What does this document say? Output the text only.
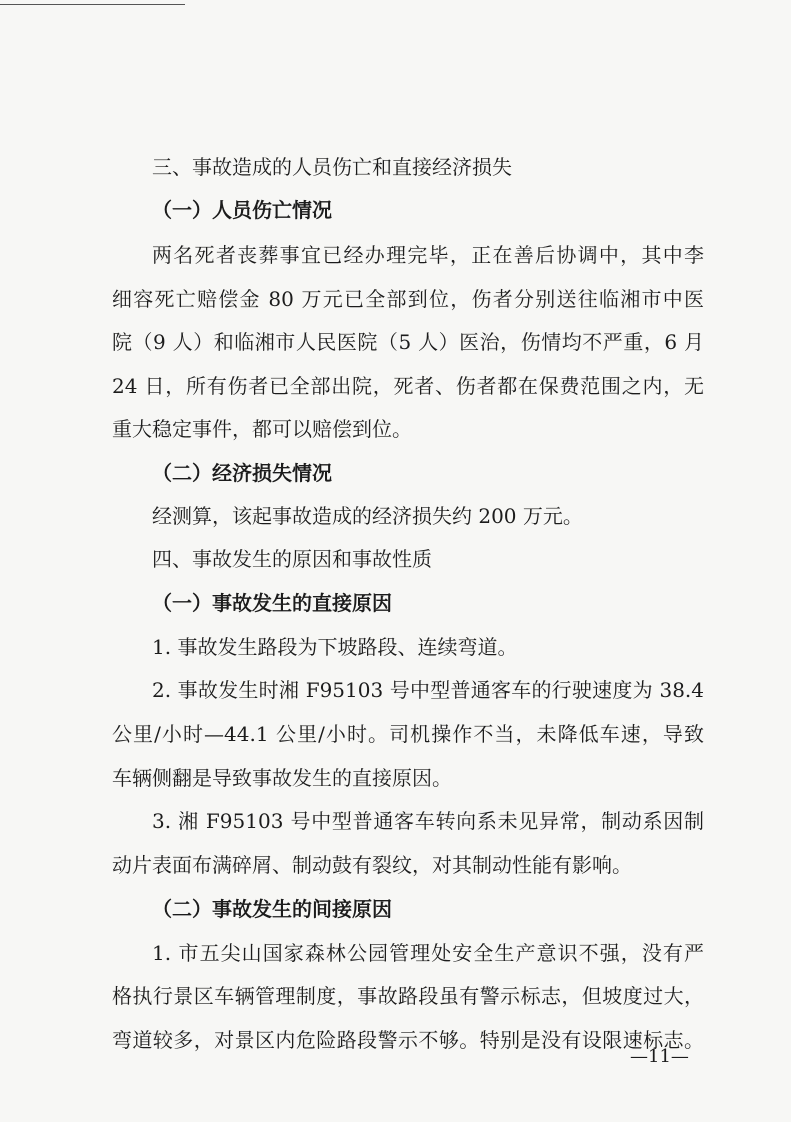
三、事故造成的人员伤亡和直接经济损失
（一）人员伤亡情况
两名死者丧葬事宜已经办理完毕，正在善后协调中，其中李
细容死亡赔偿金 80 万元已全部到位，伤者分别送往临湘市中医
院（9 人）和临湘市人民医院（5 人）医治，伤情均不严重，6 月
24 日，所有伤者已全部出院，死者、伤者都在保费范围之内，无
重大稳定事件，都可以赔偿到位。
（二）经济损失情况
经测算，该起事故造成的经济损失约 200 万元。
四、事故发生的原因和事故性质
（一）事故发生的直接原因
1. 事故发生路段为下坡路段、连续弯道。
2. 事故发生时湘 F95103 号中型普通客车的行驶速度为 38.4
公里/小时—44.1 公里/小时。司机操作不当，未降低车速，导致
车辆侧翻是导致事故发生的直接原因。
3. 湘 F95103 号中型普通客车转向系未见异常，制动系因制
动片表面布满碎屑、制动鼓有裂纹，对其制动性能有影响。
（二）事故发生的间接原因
1. 市五尖山国家森林公园管理处安全生产意识不强，没有严
格执行景区车辆管理制度，事故路段虽有警示标志，但坡度过大，
弯道较多，对景区内危险路段警示不够。特别是没有设限速标志。
—11—
